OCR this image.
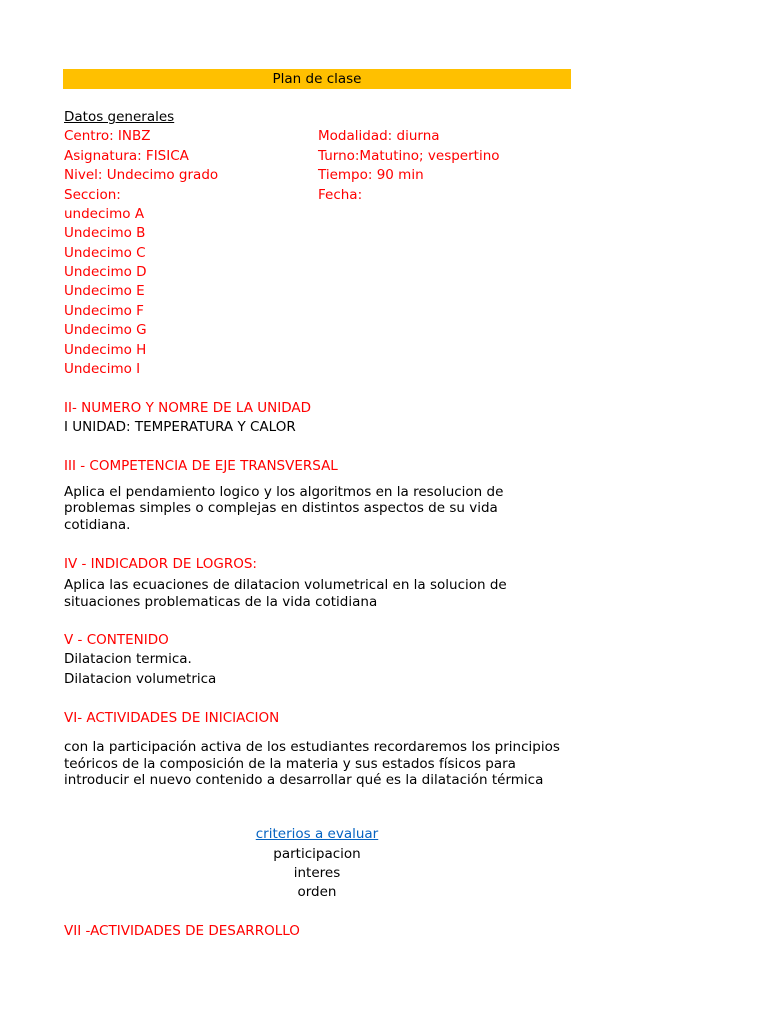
Plan de clase
Datos generales
Centro: INBZ
Asignatura: FISICA
Nivel: Undecimo grado
Seccion:
undecimo A
Undecimo B
Undecimo C
Undecimo D
Undecimo E
Undecimo F
Undecimo G
Undecimo H
Undecimo I
Modalidad: diurna
Turno:Matutino; vespertino
Tiempo: 90 min
Fecha:
II- NUMERO Y NOMRE DE LA UNIDAD
I UNIDAD: TEMPERATURA Y CALOR
III - COMPETENCIA DE EJE TRANSVERSAL
Aplica el pendamiento logico y los algoritmos en la resolucion de problemas simples o complejas en distintos aspectos de su vida cotidiana.
IV - INDICADOR DE LOGROS:
Aplica las ecuaciones de dilatacion volumetrical en la solucion de situaciones problematicas de la vida cotidiana
V - CONTENIDO
Dilatacion termica.
Dilatacion volumetrica
VI- ACTIVIDADES DE INICIACION
con la participación activa de los estudiantes recordaremos los principios teóricos de la composición de la materia y sus estados físicos para introducir el nuevo contenido a desarrollar qué es la dilatación térmica
criterios a evaluar
participacion
interes
orden
VII -ACTIVIDADES DE DESARROLLO
